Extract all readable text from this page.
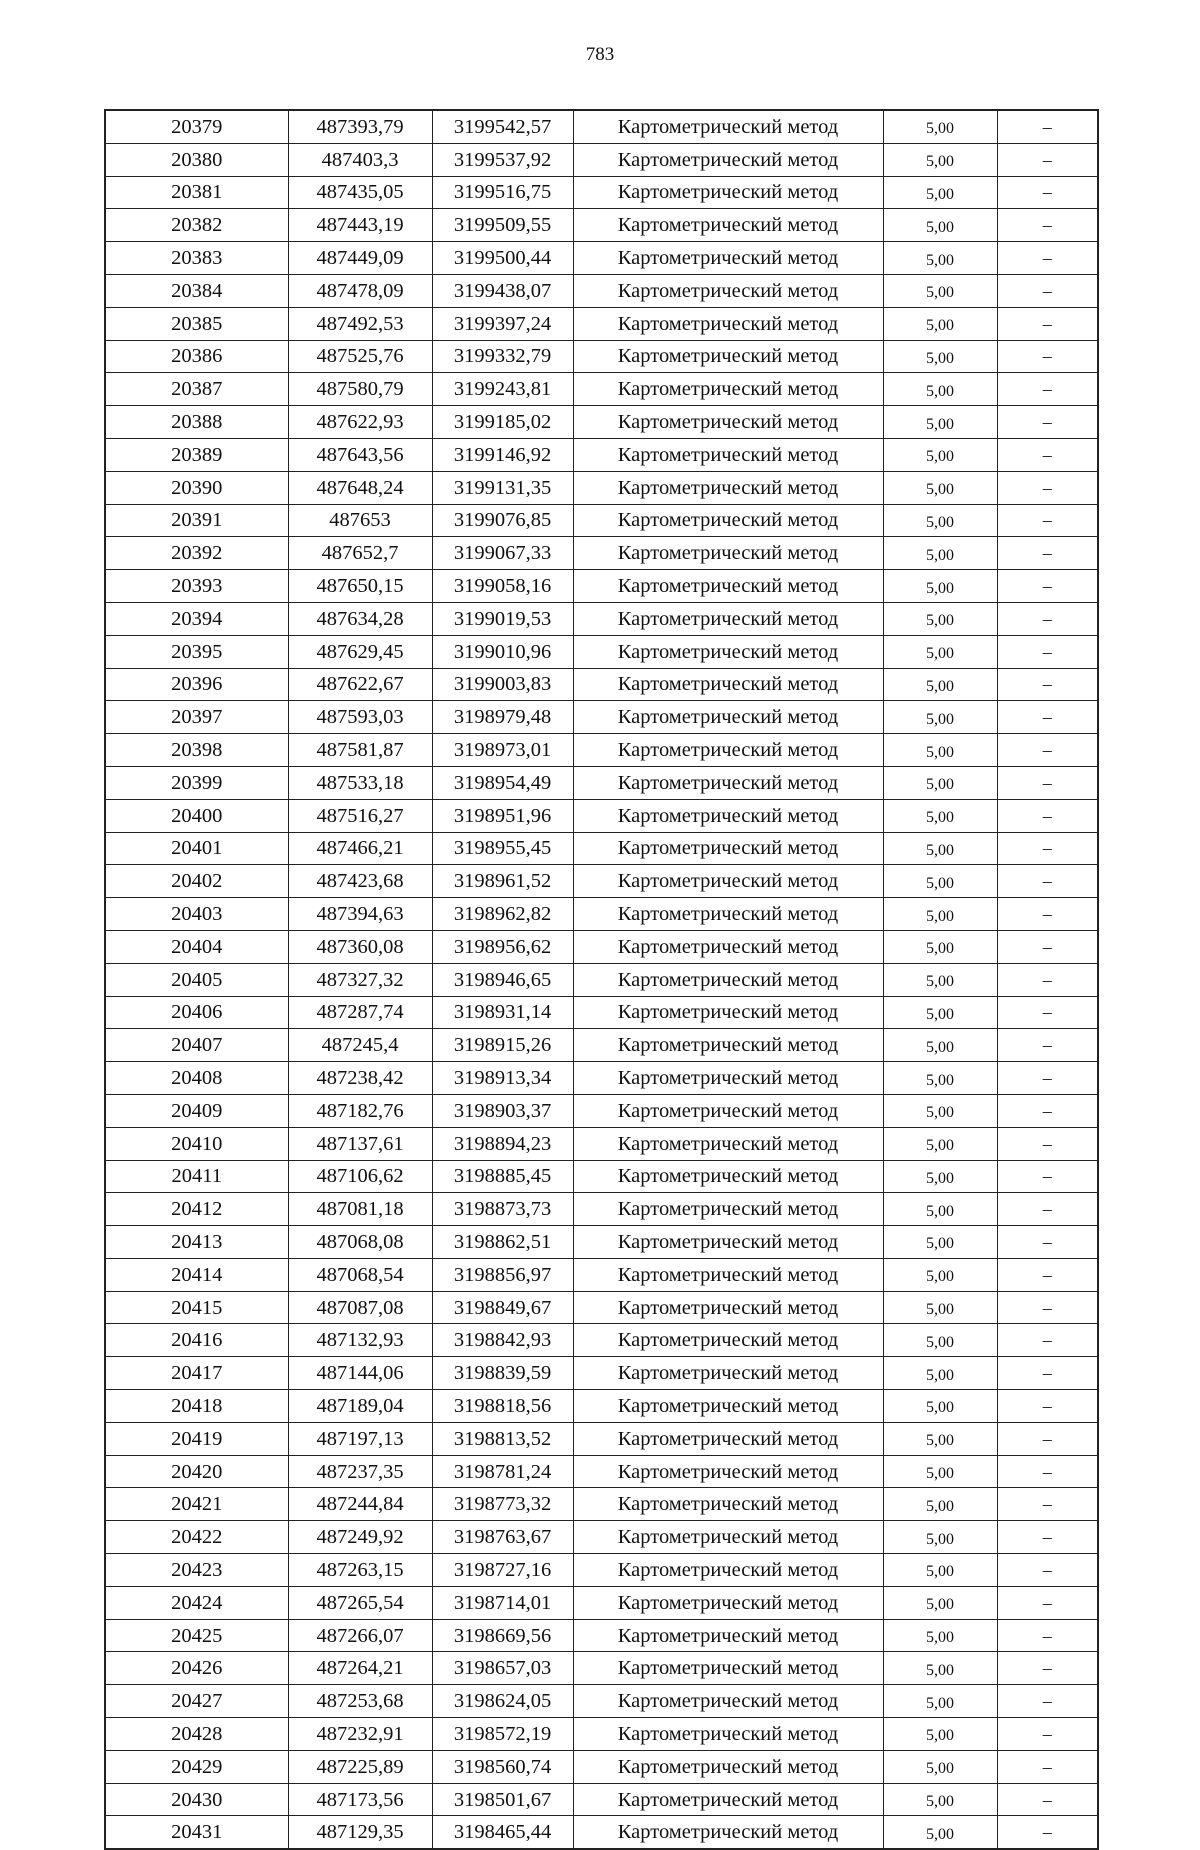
783
20379	487393,79	3199542,57	Картометрический метод	5,00	–
20380	487403,3	3199537,92	Картометрический метод	5,00	–
20381	487435,05	3199516,75	Картометрический метод	5,00	–
20382	487443,19	3199509,55	Картометрический метод	5,00	–
20383	487449,09	3199500,44	Картометрический метод	5,00	–
20384	487478,09	3199438,07	Картометрический метод	5,00	–
20385	487492,53	3199397,24	Картометрический метод	5,00	–
20386	487525,76	3199332,79	Картометрический метод	5,00	–
20387	487580,79	3199243,81	Картометрический метод	5,00	–
20388	487622,93	3199185,02	Картометрический метод	5,00	–
20389	487643,56	3199146,92	Картометрический метод	5,00	–
20390	487648,24	3199131,35	Картометрический метод	5,00	–
20391	487653	3199076,85	Картометрический метод	5,00	–
20392	487652,7	3199067,33	Картометрический метод	5,00	–
20393	487650,15	3199058,16	Картометрический метод	5,00	–
20394	487634,28	3199019,53	Картометрический метод	5,00	–
20395	487629,45	3199010,96	Картометрический метод	5,00	–
20396	487622,67	3199003,83	Картометрический метод	5,00	–
20397	487593,03	3198979,48	Картометрический метод	5,00	–
20398	487581,87	3198973,01	Картометрический метод	5,00	–
20399	487533,18	3198954,49	Картометрический метод	5,00	–
20400	487516,27	3198951,96	Картометрический метод	5,00	–
20401	487466,21	3198955,45	Картометрический метод	5,00	–
20402	487423,68	3198961,52	Картометрический метод	5,00	–
20403	487394,63	3198962,82	Картометрический метод	5,00	–
20404	487360,08	3198956,62	Картометрический метод	5,00	–
20405	487327,32	3198946,65	Картометрический метод	5,00	–
20406	487287,74	3198931,14	Картометрический метод	5,00	–
20407	487245,4	3198915,26	Картометрический метод	5,00	–
20408	487238,42	3198913,34	Картометрический метод	5,00	–
20409	487182,76	3198903,37	Картометрический метод	5,00	–
20410	487137,61	3198894,23	Картометрический метод	5,00	–
20411	487106,62	3198885,45	Картометрический метод	5,00	–
20412	487081,18	3198873,73	Картометрический метод	5,00	–
20413	487068,08	3198862,51	Картометрический метод	5,00	–
20414	487068,54	3198856,97	Картометрический метод	5,00	–
20415	487087,08	3198849,67	Картометрический метод	5,00	–
20416	487132,93	3198842,93	Картометрический метод	5,00	–
20417	487144,06	3198839,59	Картометрический метод	5,00	–
20418	487189,04	3198818,56	Картометрический метод	5,00	–
20419	487197,13	3198813,52	Картометрический метод	5,00	–
20420	487237,35	3198781,24	Картометрический метод	5,00	–
20421	487244,84	3198773,32	Картометрический метод	5,00	–
20422	487249,92	3198763,67	Картометрический метод	5,00	–
20423	487263,15	3198727,16	Картометрический метод	5,00	–
20424	487265,54	3198714,01	Картометрический метод	5,00	–
20425	487266,07	3198669,56	Картометрический метод	5,00	–
20426	487264,21	3198657,03	Картометрический метод	5,00	–
20427	487253,68	3198624,05	Картометрический метод	5,00	–
20428	487232,91	3198572,19	Картометрический метод	5,00	–
20429	487225,89	3198560,74	Картометрический метод	5,00	–
20430	487173,56	3198501,67	Картометрический метод	5,00	–
20431	487129,35	3198465,44	Картометрический метод	5,00	–
